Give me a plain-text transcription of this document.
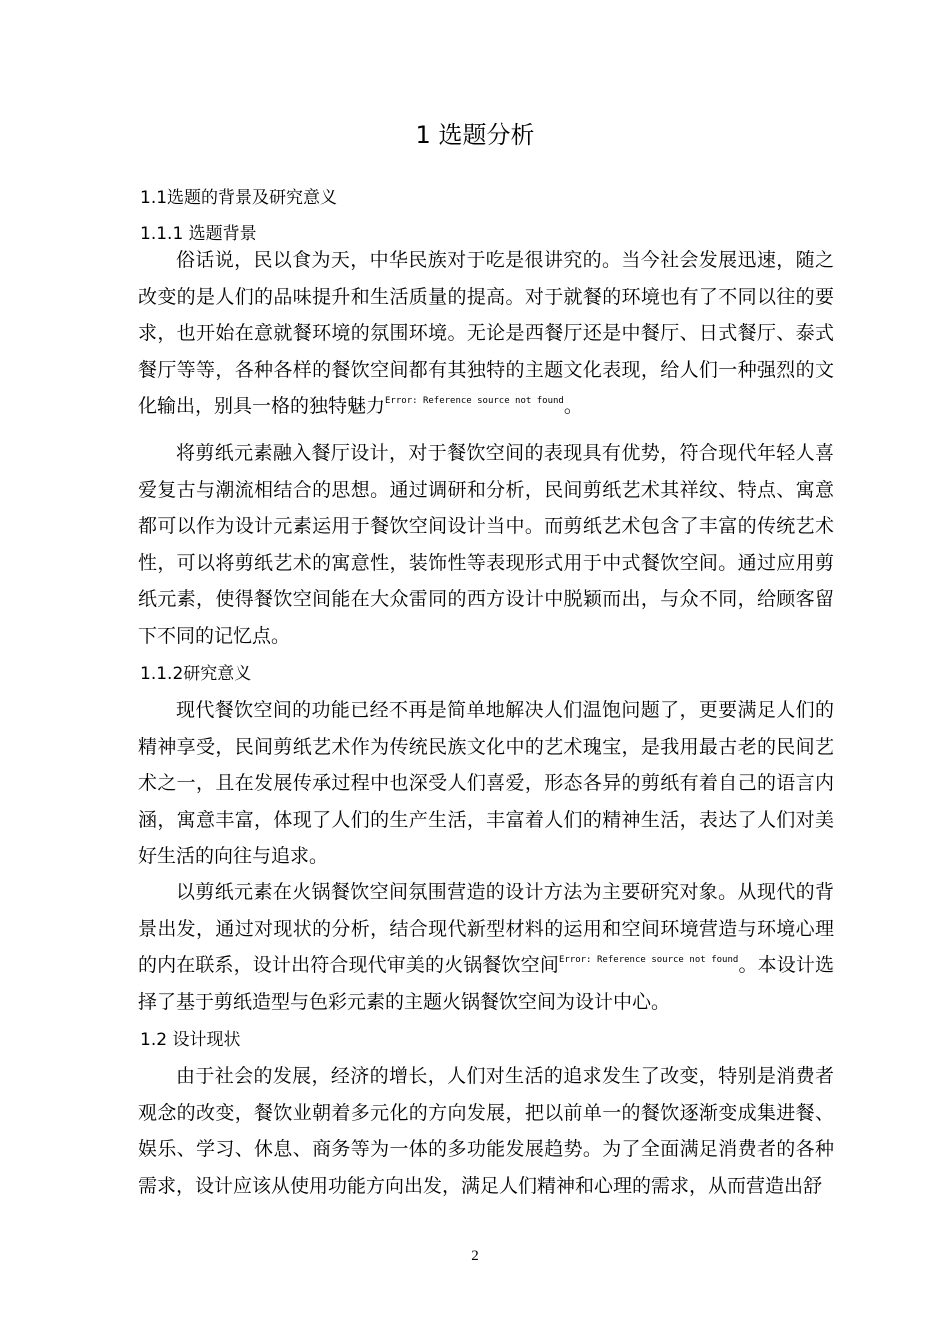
1 选题分析
1.1选题的背景及研究意义
1.1.1 选题背景

俗话说，民以食为天，中华民族对于吃是很讲究的。当今社会发展迅速，随之改变的是人们的品味提升和生活质量的提高。对于就餐的环境也有了不同以往的要求，也开始在意就餐环境的氛围环境。无论是西餐厅还是中餐厅、日式餐厅、泰式餐厅等等，各种各样的餐饮空间都有其独特的主题文化表现，给人们一种强烈的文化输出，别具一格的独特魅力$^{Error: Reference source not found}$。

将剪纸元素融入餐厅设计，对于餐饮空间的表现具有优势，符合现代年轻人喜爱复古与潮流相结合的思想。通过调研和分析，民间剪纸艺术其祥纹、特点、寓意都可以作为设计元素运用于餐饮空间设计当中。而剪纸艺术包含了丰富的传统艺术性，可以将剪纸艺术的寓意性，装饰性等表现形式用于中式餐饮空间。通过应用剪纸元素，使得餐饮空间能在大众雷同的西方设计中脱颖而出，与众不同，给顾客留下不同的记忆点。

1.1.2研究意义

现代餐饮空间的功能已经不再是简单地解决人们温饱问题了，更要满足人们的精神享受，民间剪纸艺术作为传统民族文化中的艺术瑰宝，是我用最古老的民间艺术之一，且在发展传承过程中也深受人们喜爱，形态各异的剪纸有着自己的语言内涵，寓意丰富，体现了人们的生产生活，丰富着人们的精神生活，表达了人们对美好生活的向往与追求。

以剪纸元素在火锅餐饮空间氛围营造的设计方法为主要研究对象。从现代的背景出发，通过对现状的分析，结合现代新型材料的运用和空间环境营造与环境心理的内在联系，设计出符合现代审美的火锅餐饮空间$^{Error: Reference source not found}$。本设计选择了基于剪纸造型与色彩元素的主题火锅餐饮空间为设计中心。

1.2 设计现状

由于社会的发展，经济的增长，人们对生活的追求发生了改变，特别是消费者观念的改变，餐饮业朝着多元化的方向发展，把以前单一的餐饮逐渐变成集进餐、娱乐、学习、休息、商务等为一体的多功能发展趋势。为了全面满足消费者的各种需求，设计应该从使用功能方向出发，满足人们精神和心理的需求，从而营造出舒

2
